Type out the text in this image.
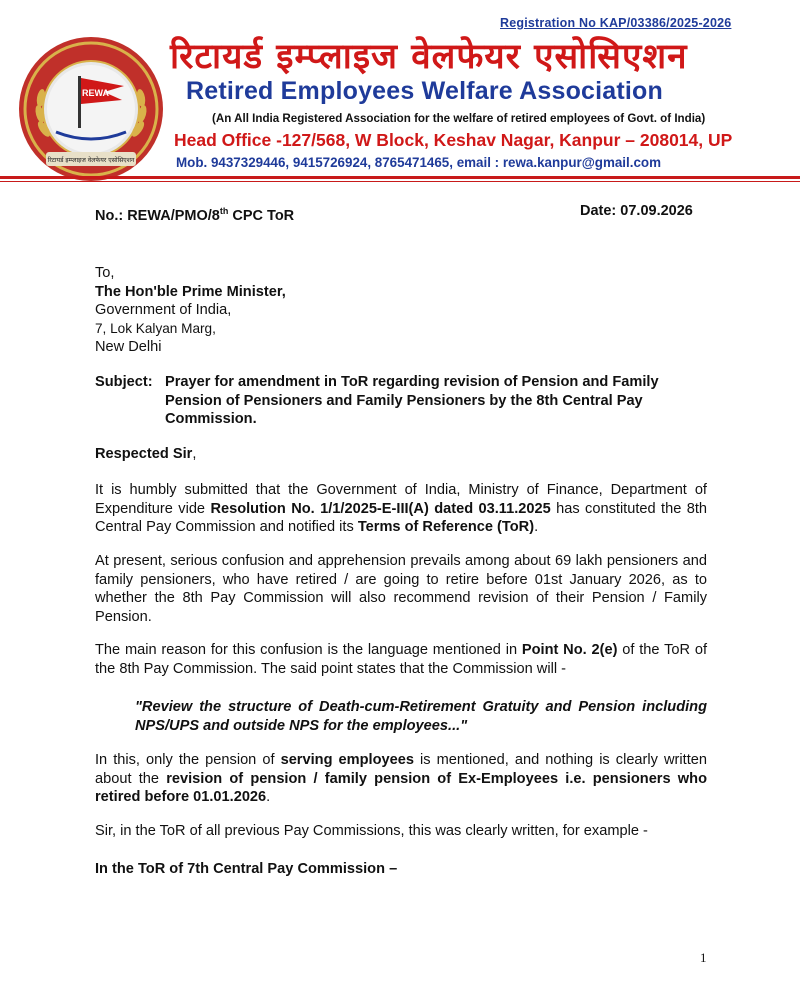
Registration No KAP/03386/2025-2026
REWA
रिटायर्ड इम्प्लाइज वेलफेयर एसोसिएशन
रिटायर्ड इम्प्लाइज वेलफेयर एसोसिएशन
Retired Employees Welfare Association
(An All India Registered Association for the welfare of retired employees of Govt. of India)
Head Office -127/568, W Block, Keshav Nagar, Kanpur – 208014, UP
Mob. 9437329446, 9415726924, 8765471465, email : rewa.kanpur@gmail.com
No.: REWA/PMO/8th CPC ToR	Date: 07.09.2026
To,
The Hon'ble Prime Minister,
Government of India,
7, Lok Kalyan Marg,
New Delhi
Subject: Prayer for amendment in ToR regarding revision of Pension and Family
Pension of Pensioners and Family Pensioners by the 8th Central Pay Commission.
Respected Sir,
It is humbly submitted that the Government of India, Ministry of Finance, Department of Expenditure vide Resolution No. 1/1/2025-E-III(A) dated 03.11.2025 has constituted the 8th Central Pay Commission and notified its Terms of Reference (ToR).
At present, serious confusion and apprehension prevails among about 69 lakh pensioners and family pensioners, who have retired / are going to retire before 01st January 2026, as to whether the 8th Pay Commission will also recommend revision of their Pension / Family Pension.
The main reason for this confusion is the language mentioned in Point No. 2(e) of the ToR of the 8th Pay Commission. The said point states that the Commission will -
"Review the structure of Death-cum-Retirement Gratuity and Pension including NPS/UPS and outside NPS for the employees..."
In this, only the pension of serving employees is mentioned, and nothing is clearly written about the revision of pension / family pension of Ex-Employees i.e. pensioners who retired before 01.01.2026.
Sir, in the ToR of all previous Pay Commissions, this was clearly written, for example -
In the ToR of 7th Central Pay Commission –
1
